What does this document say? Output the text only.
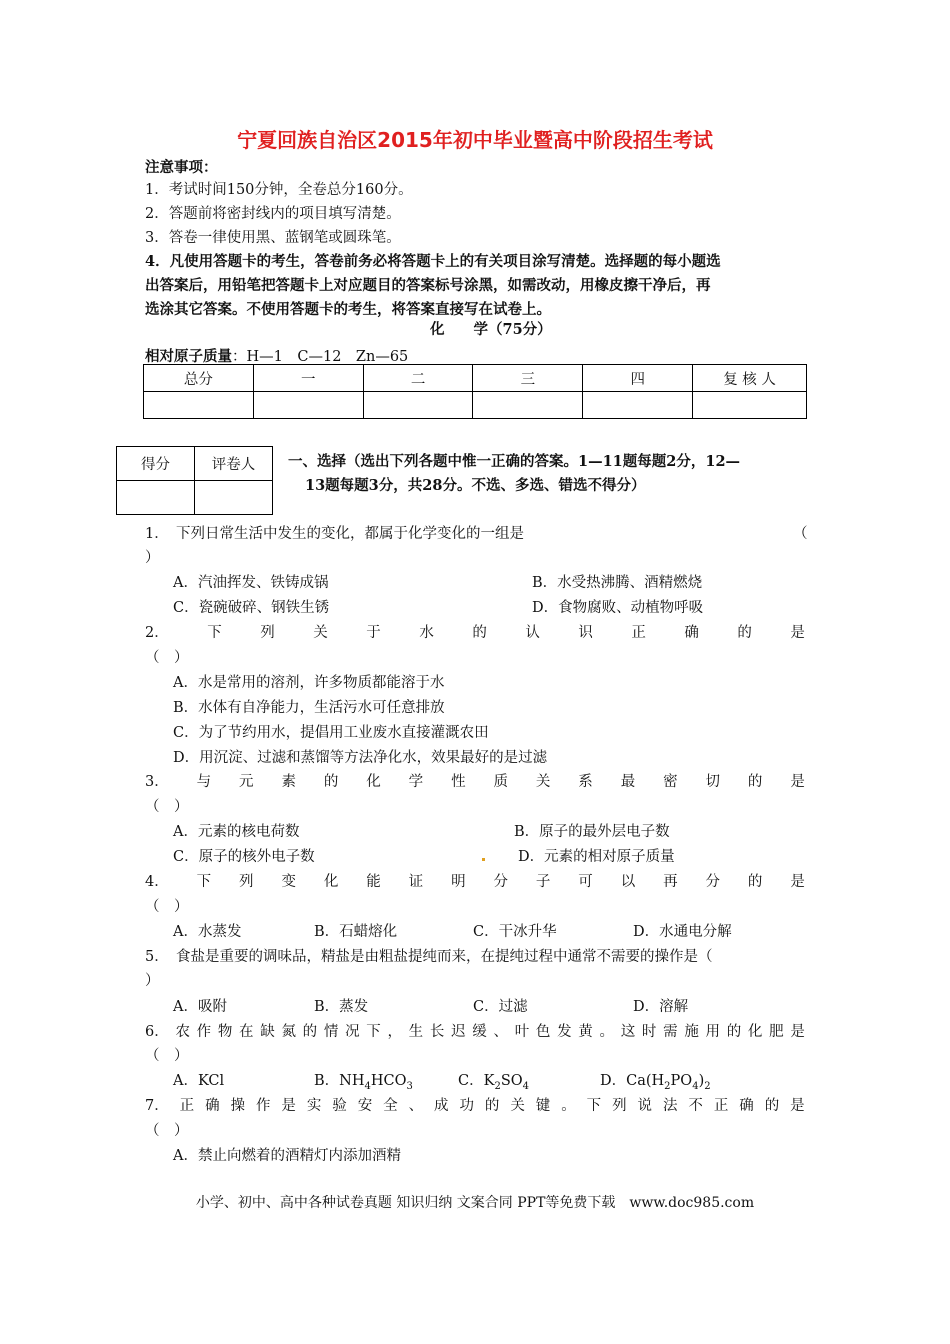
宁夏回族自治区2015年初中毕业暨高中阶段招生考试
注意事项：
1．考试时间150分钟，全卷总分160分。
2．答题前将密封线内的项目填写清楚。
3．答卷一律使用黑、蓝钢笔或圆珠笔。
4．凡使用答题卡的考生，答卷前务必将答题卡上的有关项目涂写清楚。选择题的每小题选
出答案后，用铅笔把答题卡上对应题目的答案标号涂黑，如需改动，用橡皮擦干净后，再
选涂其它答案。不使用答题卡的考生，将答案直接写在试卷上。
化　　学（75分）
相对原子质量：H—1　C—12　Zn—65
总分	一	二	三	四	复 核 人

得分	评卷人
	一、选择（选出下列各题中惟一正确的答案。1—11题每题2分，12—
13题每题3分，共28分。不选、多选、错选不得分）
1．　下列日常生活中发生的变化，都属于化学变化的一组是	（
）
A．汽油挥发、铁铸成锅	B．水受热沸腾、酒精燃烧
C．瓷碗破碎、钢铁生锈	D．食物腐败、动植物呼吸
2．	下	列	关	于	水	的	认	识	正	确	的	是
（　）
A．水是常用的溶剂，许多物质都能溶于水
B．水体有自净能力，生活污水可任意排放
C．为了节约用水，提倡用工业废水直接灌溉农田
D．用沉淀、过滤和蒸馏等方法净化水，效果最好的是过滤
3． 与 元 素 的 化 学 性 质 关 系 最 密 切 的 是
（　）
A．元素的核电荷数	B．原子的最外层电子数
C．原子的核外电子数	D．元素的相对原子质量
4． 下 列 变 化 能 证 明 分 子 可 以 再 分 的 是
（　）
A．水蒸发	B．石蜡熔化	C．干冰升华	D．水通电分解
5．　食盐是重要的调味品，精盐是由粗盐提纯而来，在提纯过程中通常不需要的操作是（
）
A．吸附	B．蒸发	C．过滤	D．溶解
6． 农 作 物 在 缺 氮 的 情 况 下 ， 生 长 迟 缓 、 叶 色 发 黄 。 这 时 需 施 用 的 化 肥 是
（　）
A．KCl	B．$NH_4HCO_3$	C．$K_2SO_4$	D．$Ca(H_2PO_4)_2$
7． 正 确 操 作 是 实 验 安 全 、 成 功 的 关 键 。 下 列 说 法 不 正 确 的 是
（　）
A．禁止向燃着的酒精灯内添加酒精
小学、初中、高中各种试卷真题 知识归纳 文案合同 PPT等免费下载　www.doc985.com
